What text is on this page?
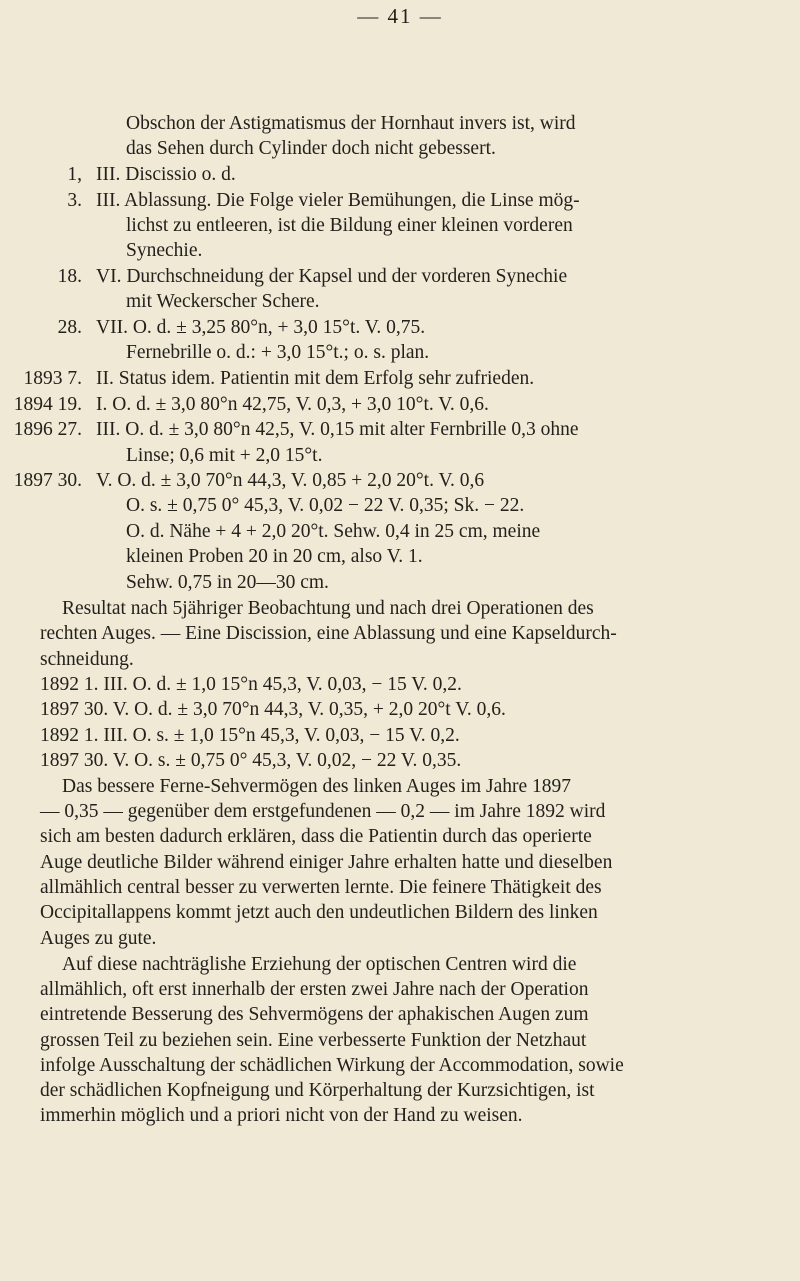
— 41 —
Obschon der Astigmatismus der Hornhaut invers ist, wird
das Sehen durch Cylinder doch nicht gebessert.
1, III. Discissio o. d.
3. III. Ablassung. Die Folge vieler Bemühungen, die Linse mög-
lichst zu entleeren, ist die Bildung einer kleinen vorderen
Synechie.
18. VI. Durchschneidung der Kapsel und der vorderen Synechie
mit Weckerscher Schere.
28. VII. O. d. ± 3,25 80°n, + 3,0 15°t. V. 0,75.
Fernebrille o. d.: + 3,0 15°t.; o. s. plan.
1893 7. II. Status idem. Patientin mit dem Erfolg sehr zufrieden.
1894 19. I. O. d. ± 3,0 80°n 42,75, V. 0,3, + 3,0 10°t. V. 0,6.
1896 27. III. O. d. ± 3,0 80°n 42,5, V. 0,15 mit alter Fernbrille 0,3 ohne
Linse; 0,6 mit + 2,0 15°t.
1897 30. V. O. d. ± 3,0 70°n 44,3, V. 0,85 + 2,0 20°t. V. 0,6
O. s. ± 0,75 0° 45,3, V. 0,02 − 22 V. 0,35; Sk. − 22.
O. d. Nähe + 4 + 2,0 20°t. Sehw. 0,4 in 25 cm, meine
kleinen Proben 20 in 20 cm, also V. 1.
Sehw. 0,75 in 20—30 cm.
Resultat nach 5jähriger Beobachtung und nach drei Operationen des
rechten Auges. — Eine Discission, eine Ablassung und eine Kapseldurch-
schneidung.
1892 1. III. O. d. ± 1,0 15°n 45,3, V. 0,03, − 15 V. 0,2.
1897 30. V. O. d. ± 3,0 70°n 44,3, V. 0,35, + 2,0 20°t V. 0,6.
1892 1. III. O. s. ± 1,0 15°n 45,3, V. 0,03, − 15 V. 0,2.
1897 30. V. O. s. ± 0,75 0° 45,3, V. 0,02, − 22 V. 0,35.
Das bessere Ferne-Sehvermögen des linken Auges im Jahre 1897
— 0,35 — gegenüber dem erstgefundenen — 0,2 — im Jahre 1892 wird
sich am besten dadurch erklären, dass die Patientin durch das operierte
Auge deutliche Bilder während einiger Jahre erhalten hatte und dieselben
allmählich central besser zu verwerten lernte. Die feinere Thätigkeit des
Occipitallappens kommt jetzt auch den undeutlichen Bildern des linken
Auges zu gute.
Auf diese nachträglishe Erziehung der optischen Centren wird die
allmählich, oft erst innerhalb der ersten zwei Jahre nach der Operation
eintretende Besserung des Sehvermögens der aphakischen Augen zum
grossen Teil zu beziehen sein. Eine verbesserte Funktion der Netzhaut
infolge Ausschaltung der schädlichen Wirkung der Accommodation, sowie
der schädlichen Kopfneigung und Körperhaltung der Kurzsichtigen, ist
immerhin möglich und a priori nicht von der Hand zu weisen.
